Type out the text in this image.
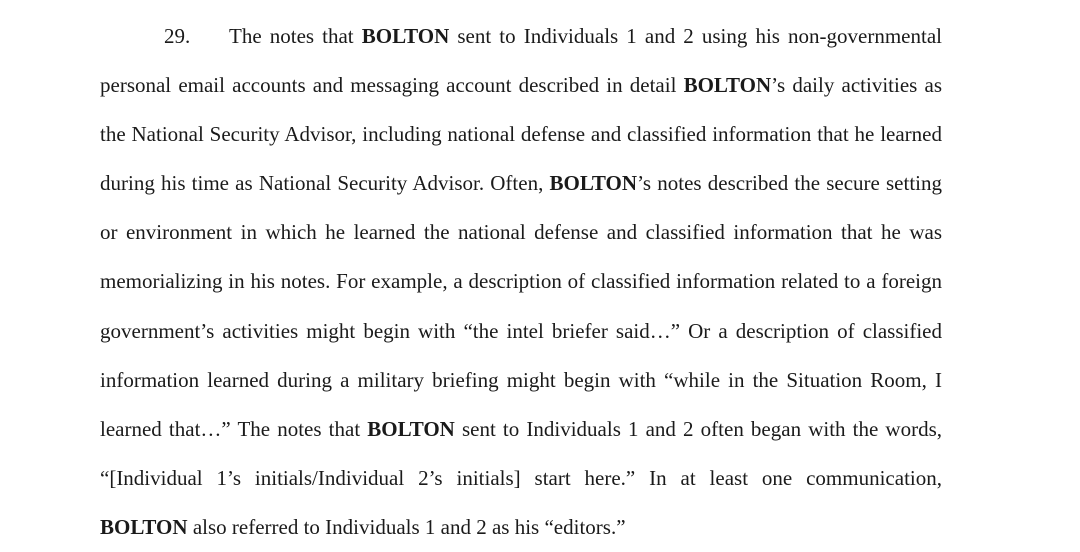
29. The notes that BOLTON sent to Individuals 1 and 2 using his non-governmental
personal email accounts and messaging account described in detail BOLTON’s daily activities as
the National Security Advisor, including national defense and classified information that he learned
during his time as National Security Advisor. Often, BOLTON’s notes described the secure setting
or environment in which he learned the national defense and classified information that he was
memorializing in his notes. For example, a description of classified information related to a foreign
government’s activities might begin with “the intel briefer said…” Or a description of classified
information learned during a military briefing might begin with “while in the Situation Room, I
learned that…” The notes that BOLTON sent to Individuals 1 and 2 often began with the words,
“[Individual 1’s initials/Individual 2’s initials] start here.” In at least one communication,
BOLTON also referred to Individuals 1 and 2 as his “editors.”
